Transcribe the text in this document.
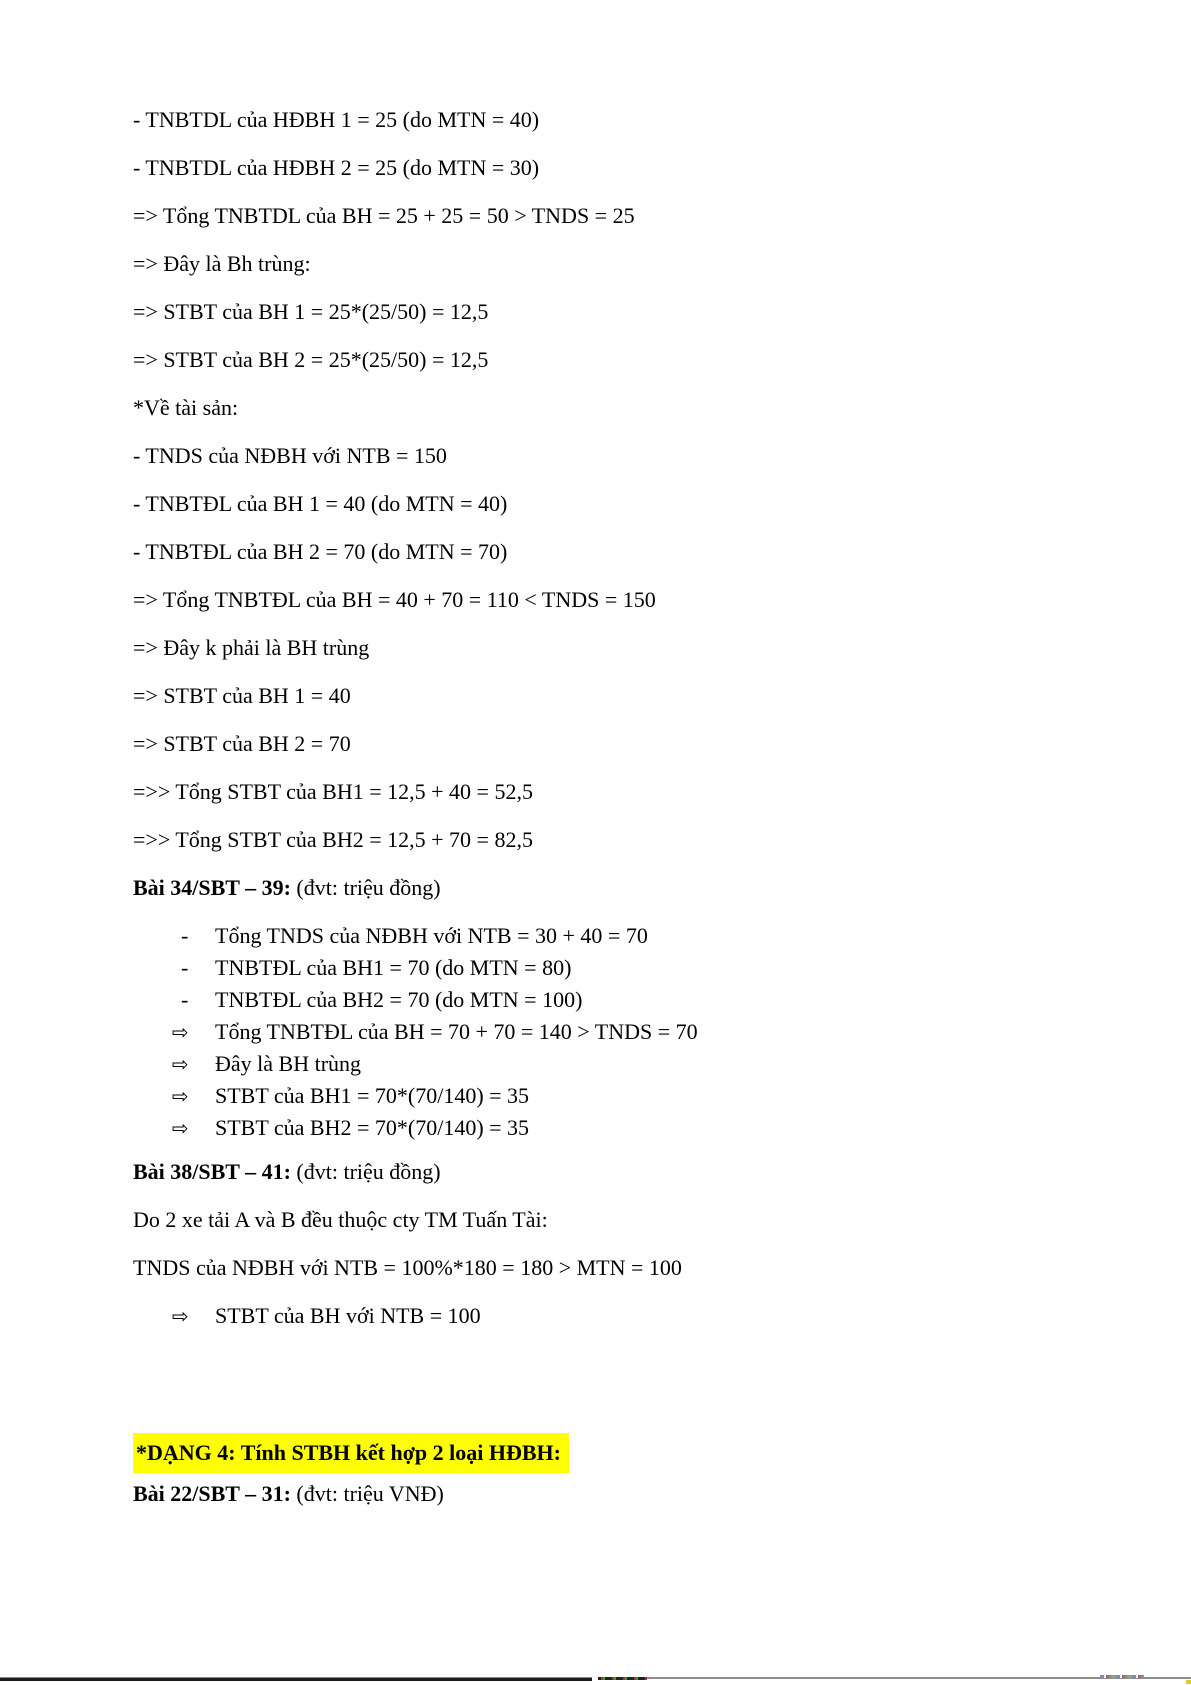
- TNBTDL của HĐBH 1 = 25 (do MTN = 40)
- TNBTDL của HĐBH 2 = 25 (do MTN = 30)
=> Tổng TNBTDL của BH = 25 + 25 = 50 > TNDS = 25
=> Đây là Bh trùng:
=> STBT của BH 1 = 25*(25/50) = 12,5
=> STBT của BH 2 = 25*(25/50) = 12,5
*Về tài sản:
- TNDS của NĐBH với NTB = 150
- TNBTĐL của BH 1 = 40 (do MTN = 40)
- TNBTĐL của BH 2 = 70 (do MTN = 70)
=> Tổng TNBTĐL của BH = 40 + 70 = 110 < TNDS = 150
=> Đây k phải là BH trùng
=> STBT của BH 1 = 40
=> STBT của BH 2 = 70
=>> Tổng STBT của BH1 = 12,5 + 40 = 52,5
=>> Tổng STBT của BH2 = 12,5 + 70 = 82,5
Bài 34/SBT – 39: (đvt: triệu đồng)
- Tổng TNDS của NĐBH với NTB = 30 + 40 = 70
- TNBTĐL của BH1 = 70 (do MTN = 80)
- TNBTĐL của BH2 = 70 (do MTN = 100)
⇨ Tổng TNBTĐL của BH = 70 + 70 = 140 > TNDS = 70
⇨ Đây là BH trùng
⇨ STBT của BH1 = 70*(70/140) = 35
⇨ STBT của BH2 = 70*(70/140) = 35
Bài 38/SBT – 41: (đvt: triệu đồng)
Do 2 xe tải A và B đều thuộc cty TM Tuấn Tài:
TNDS của NĐBH với NTB = 100%*180 = 180 > MTN = 100
⇨ STBT của BH với NTB = 100
*DẠNG 4: Tính STBH kết hợp 2 loại HĐBH:
Bài 22/SBT – 31: (đvt: triệu VNĐ)
